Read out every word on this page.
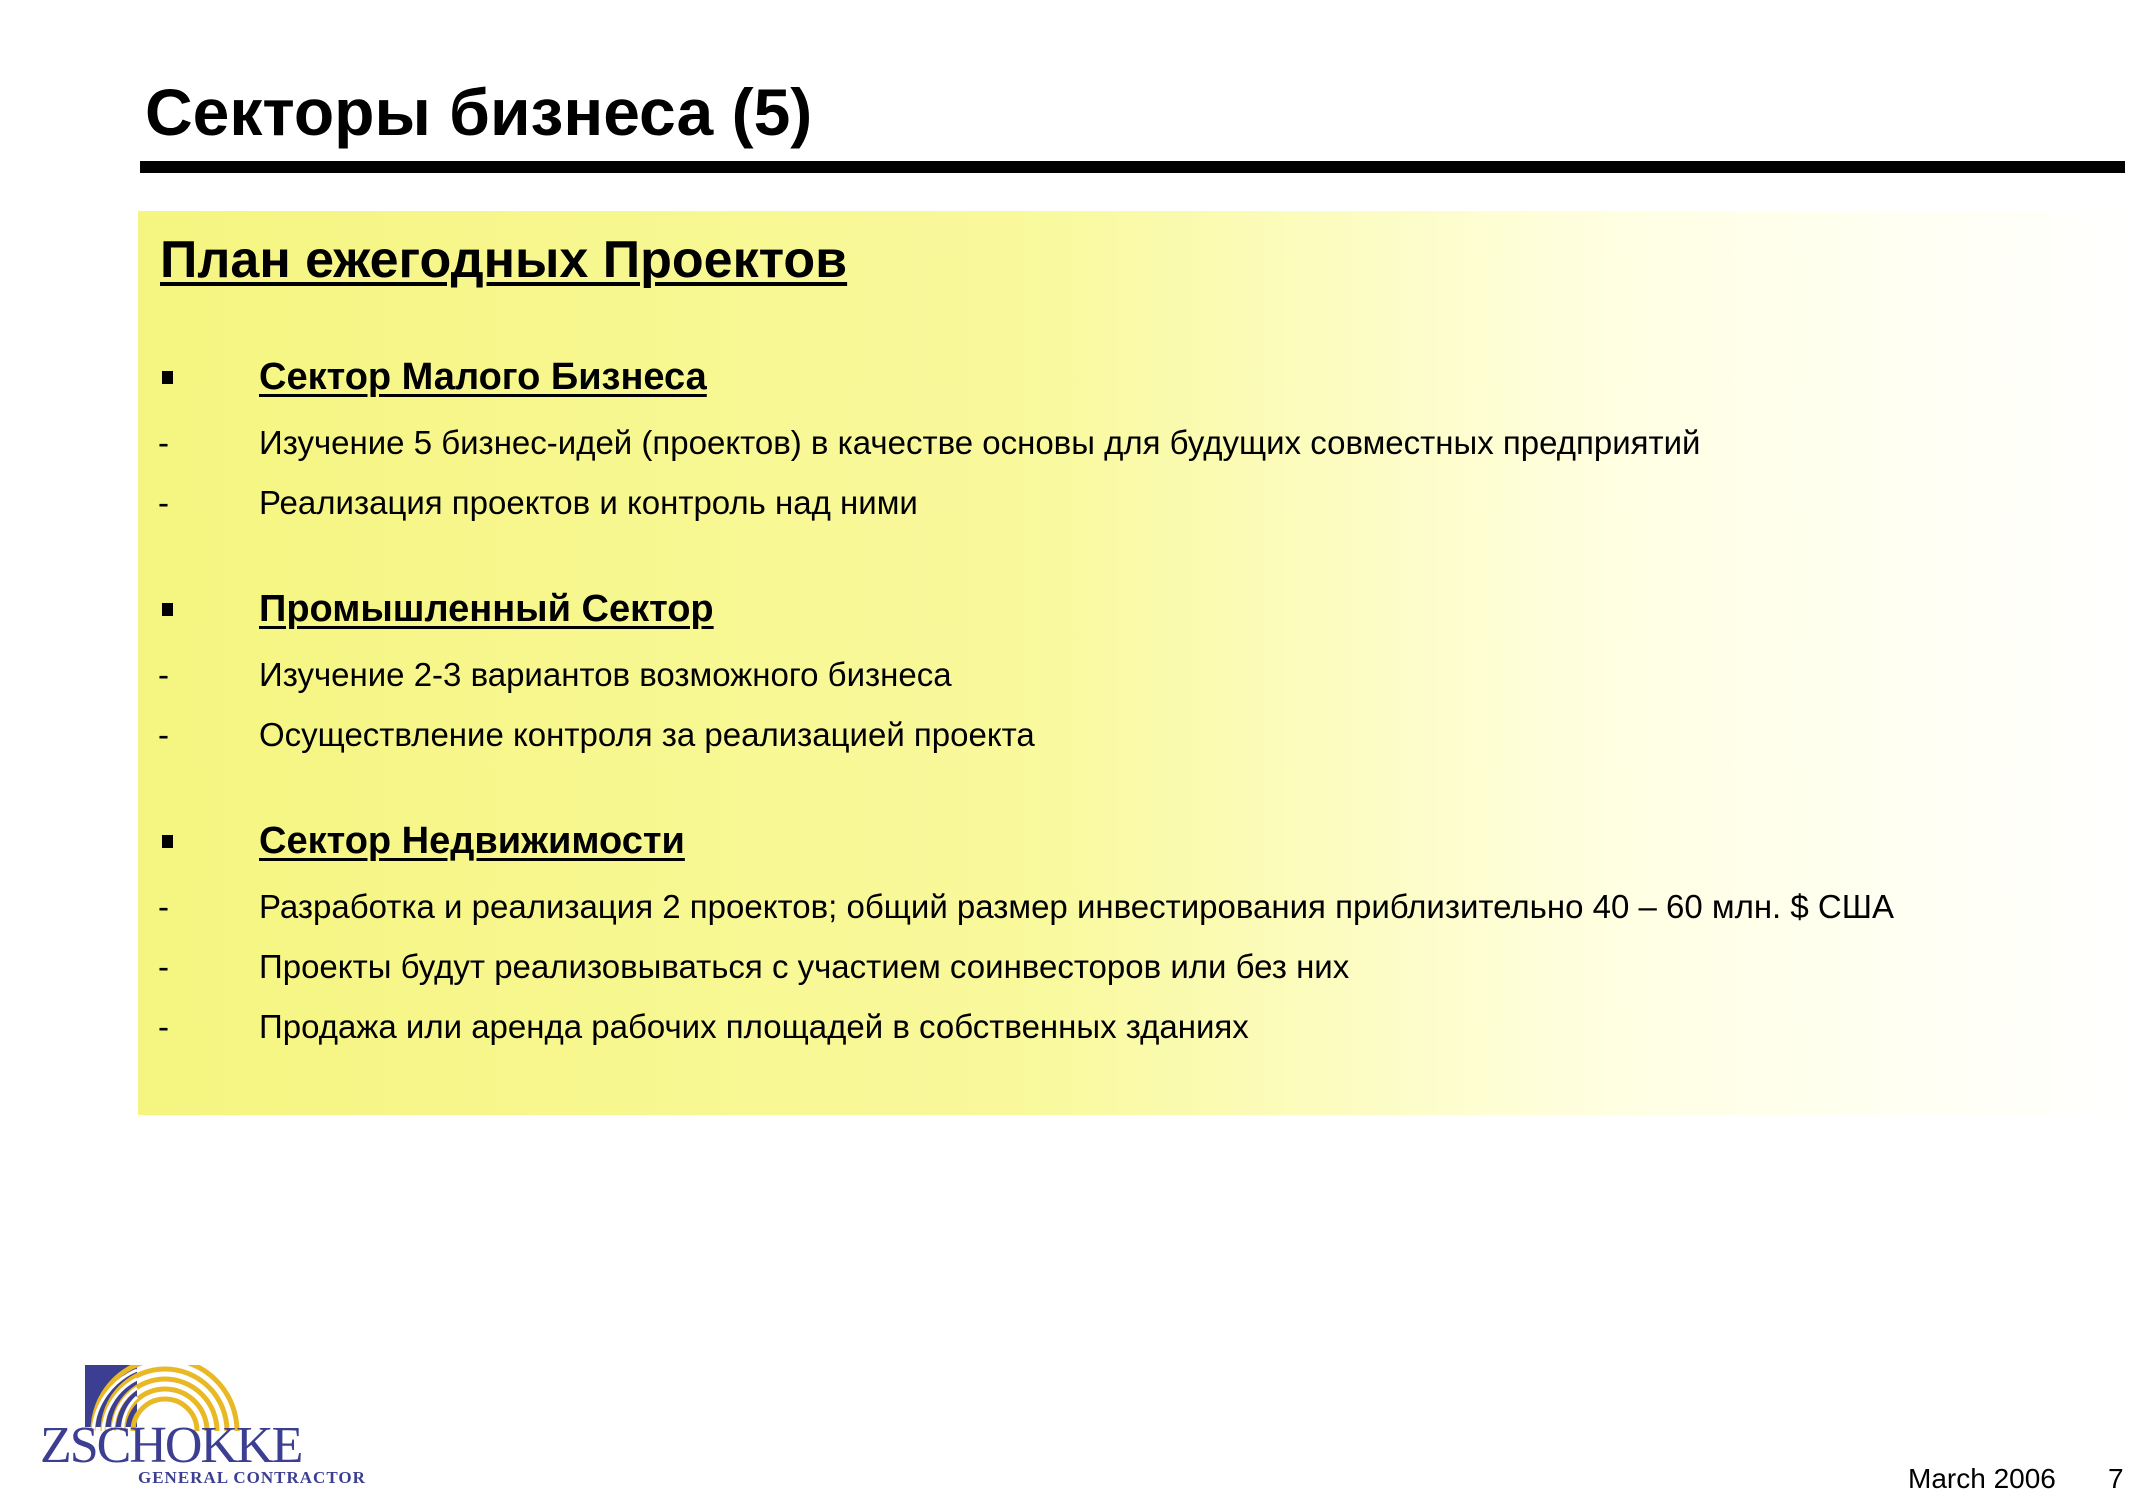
Секторы бизнеса (5)
План ежегодных Проектов
Сектор Малого Бизнеса
-	Изучение 5 бизнес-идей (проектов) в качестве основы для будущих совместных предприятий
-	Реализация проектов и контроль над ними
Промышленный Сектор
-	Изучение 2-3 вариантов возможного бизнеса
-	Осуществление контроля за реализацией проекта
Сектор Недвижимости
-	Разработка и реализация 2 проектов; общий размер инвестирования приблизительно 40 – 60 млн. $ США
-	Проекты будут реализовываться с участием соинвесторов или без них
-	Продажа или аренда рабочих площадей в собственных зданиях
ZSCHOKKE
GENERAL CONTRACTOR	March 2006 7
